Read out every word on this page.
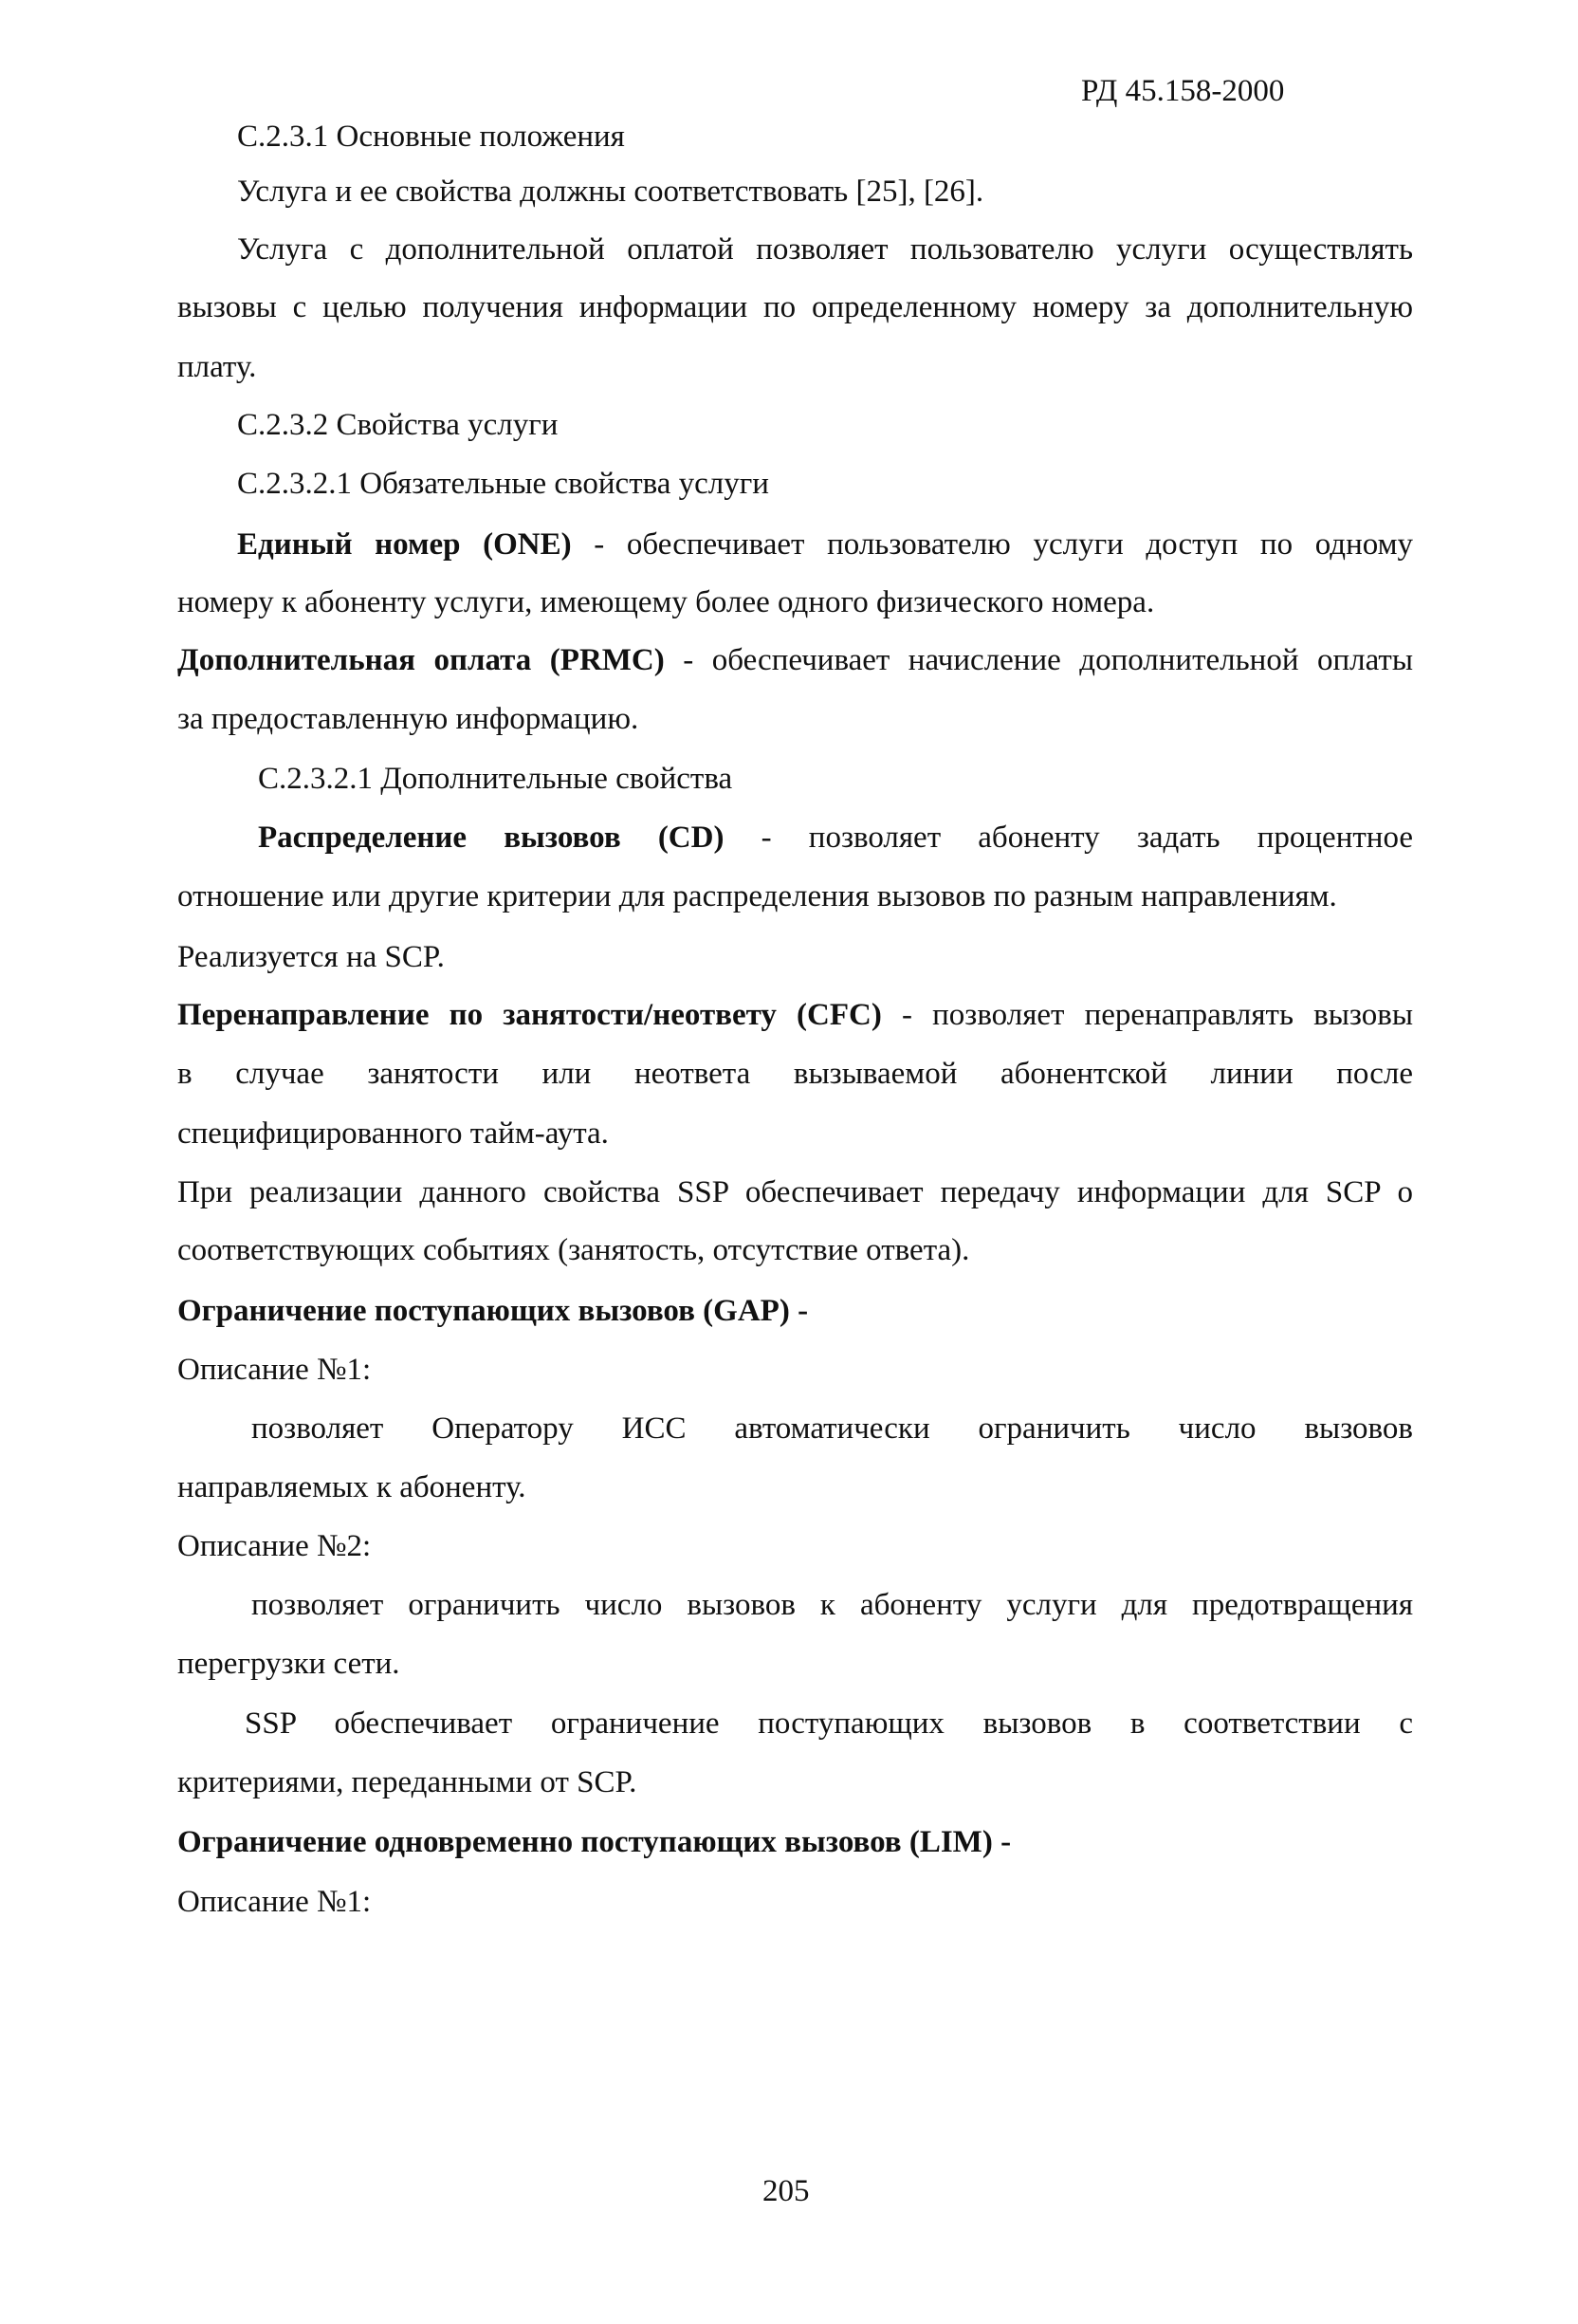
РД 45.158-2000
С.2.3.1 Основные положения
Услуга и ее свойства должны соответствовать [25], [26].
Услуга с дополнительной оплатой позволяет пользователю услуги осуществлять
вызовы с целью получения информации по определенному номеру за дополнительную
плату.
С.2.3.2 Свойства услуги
С.2.3.2.1 Обязательные свойства услуги
Единый номер (ONE) - обеспечивает пользователю услуги доступ по одному
номеру к абоненту услуги, имеющему более одного физического номера.
Дополнительная оплата (PRMC) - обеспечивает начисление дополнительной оплаты
за предоставленную информацию.
С.2.3.2.1 Дополнительные свойства
Распределение вызовов (CD) - позволяет абоненту задать процентное
отношение или другие критерии для распределения вызовов по разным направлениям.
Реализуется на SCP.
Перенаправление по занятости/неответу (CFC) - позволяет перенаправлять вызовы
в случае занятости или неответа вызываемой абонентской линии после
специфицированного тайм-аута.
При реализации данного свойства SSP обеспечивает передачу информации для SCP о
соответствующих событиях (занятость, отсутствие ответа).
Ограничение поступающих вызовов (GAP) -
Описание №1:
позволяет Оператору ИСС автоматически ограничить число вызовов
направляемых к абоненту.
Описание №2:
позволяет ограничить число вызовов к абоненту услуги для предотвращения
перегрузки сети.
SSP обеспечивает ограничение поступающих вызовов в соответствии с
критериями, переданными от SCP.
Ограничение одновременно поступающих вызовов (LIM) -
Описание №1:
205
